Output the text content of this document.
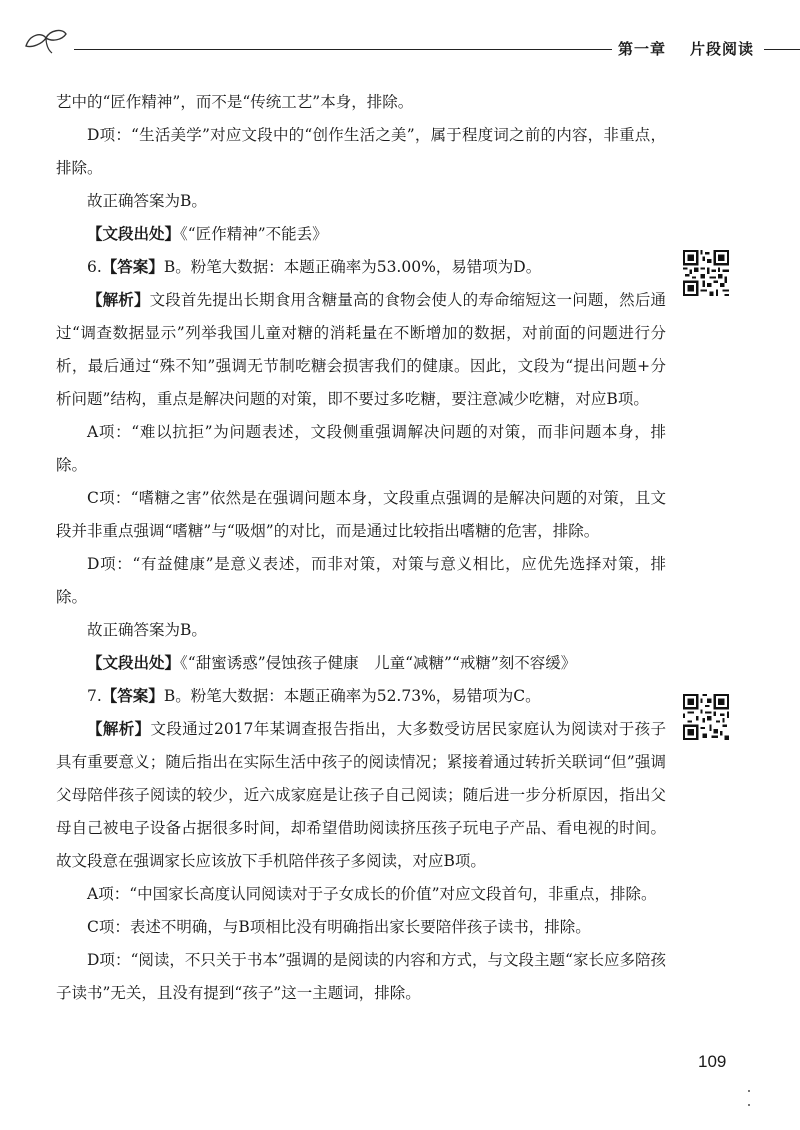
第一章 片段阅读

艺中的“匠作精神”，而不是“传统工艺”本身，排除。

D项：“生活美学”对应文段中的“创作生活之美”，属于程度词之前的内容，非重点，排除。

故正确答案为B。

【文段出处】《“匠作精神”不能丢》

6.【答案】B。粉笔大数据：本题正确率为53.00%，易错项为D。

【解析】文段首先提出长期食用含糖量高的食物会使人的寿命缩短这一问题，然后通过“调查数据显示”列举我国儿童对糖的消耗量在不断增加的数据，对前面的问题进行分析，最后通过“殊不知”强调无节制吃糖会损害我们的健康。因此，文段为“提出问题+分析问题”结构，重点是解决问题的对策，即不要过多吃糖，要注意减少吃糖，对应B项。

A项：“难以抗拒”为问题表述，文段侧重强调解决问题的对策，而非问题本身，排除。

C项：“嗜糖之害”依然是在强调问题本身，文段重点强调的是解决问题的对策，且文段并非重点强调“嗜糖”与“吸烟”的对比，而是通过比较指出嗜糖的危害，排除。

D项：“有益健康”是意义表述，而非对策，对策与意义相比，应优先选择对策，排除。

故正确答案为B。

【文段出处】《“甜蜜诱惑”侵蚀孩子健康　儿童“减糖”“戒糖”刻不容缓》

7.【答案】B。粉笔大数据：本题正确率为52.73%，易错项为C。

【解析】文段通过2017年某调查报告指出，大多数受访居民家庭认为阅读对于孩子具有重要意义；随后指出在实际生活中孩子的阅读情况；紧接着通过转折关联词“但”强调父母陪伴孩子阅读的较少，近六成家庭是让孩子自己阅读；随后进一步分析原因，指出父母自己被电子设备占据很多时间，却希望借助阅读挤压孩子玩电子产品、看电视的时间。故文段意在强调家长应该放下手机陪伴孩子多阅读，对应B项。

A项：“中国家长高度认同阅读对于子女成长的价值”对应文段首句，非重点，排除。

C项：表述不明确，与B项相比没有明确指出家长要陪伴孩子读书，排除。

D项：“阅读，不只关于书本”强调的是阅读的内容和方式，与文段主题“家长应多陪孩子读书”无关，且没有提到“孩子”这一主题词，排除。

109
